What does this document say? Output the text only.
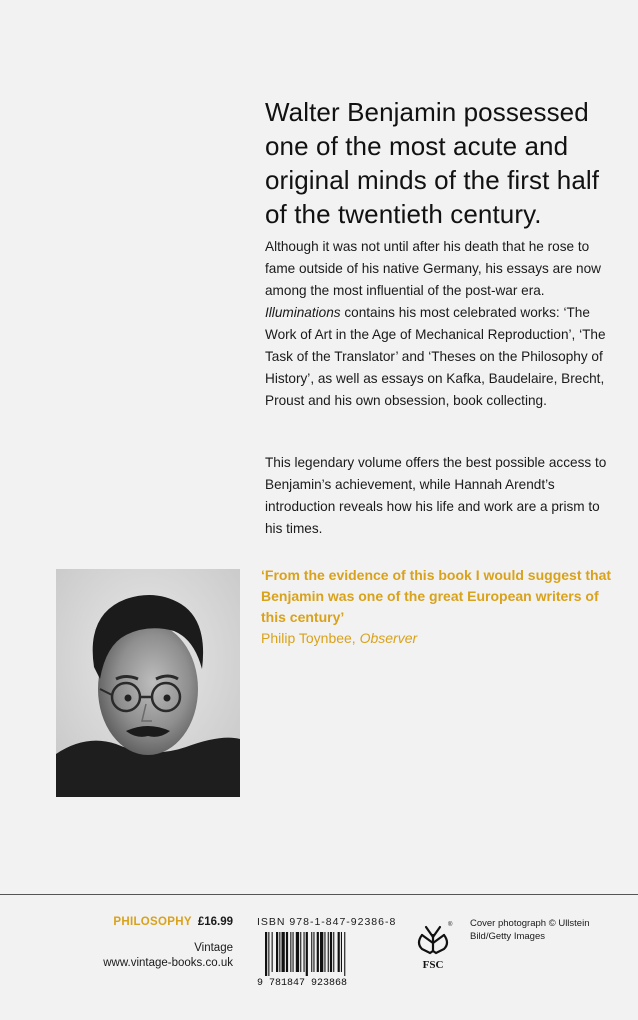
Walter Benjamin possessed one of the most acute and original minds of the first half of the twentieth century.

Although it was not until after his death that he rose to fame outside of his native Germany, his essays are now among the most influential of the post-war era. Illuminations contains his most celebrated works: ‘The Work of Art in the Age of Mechanical Reproduction’, ‘The Task of the Translator’ and ‘Theses on the Philosophy of History’, as well as essays on Kafka, Baudelaire, Brecht, Proust and his own obsession, book collecting.

This legendary volume offers the best possible access to Benjamin’s achievement, while Hannah Arendt’s introduction reveals how his life and work are a prism to his times.

‘From the evidence of this book I would suggest that Benjamin was one of the great European writers of this century’
Philip Toynbee, Observer
PHILOSOPHY £16.99
Vintage
www.vintage-books.co.uk
ISBN 978-1-847-92386-8
9 781847 923868
®
FSC
Cover photograph © Ullstein Bild/Getty Images
